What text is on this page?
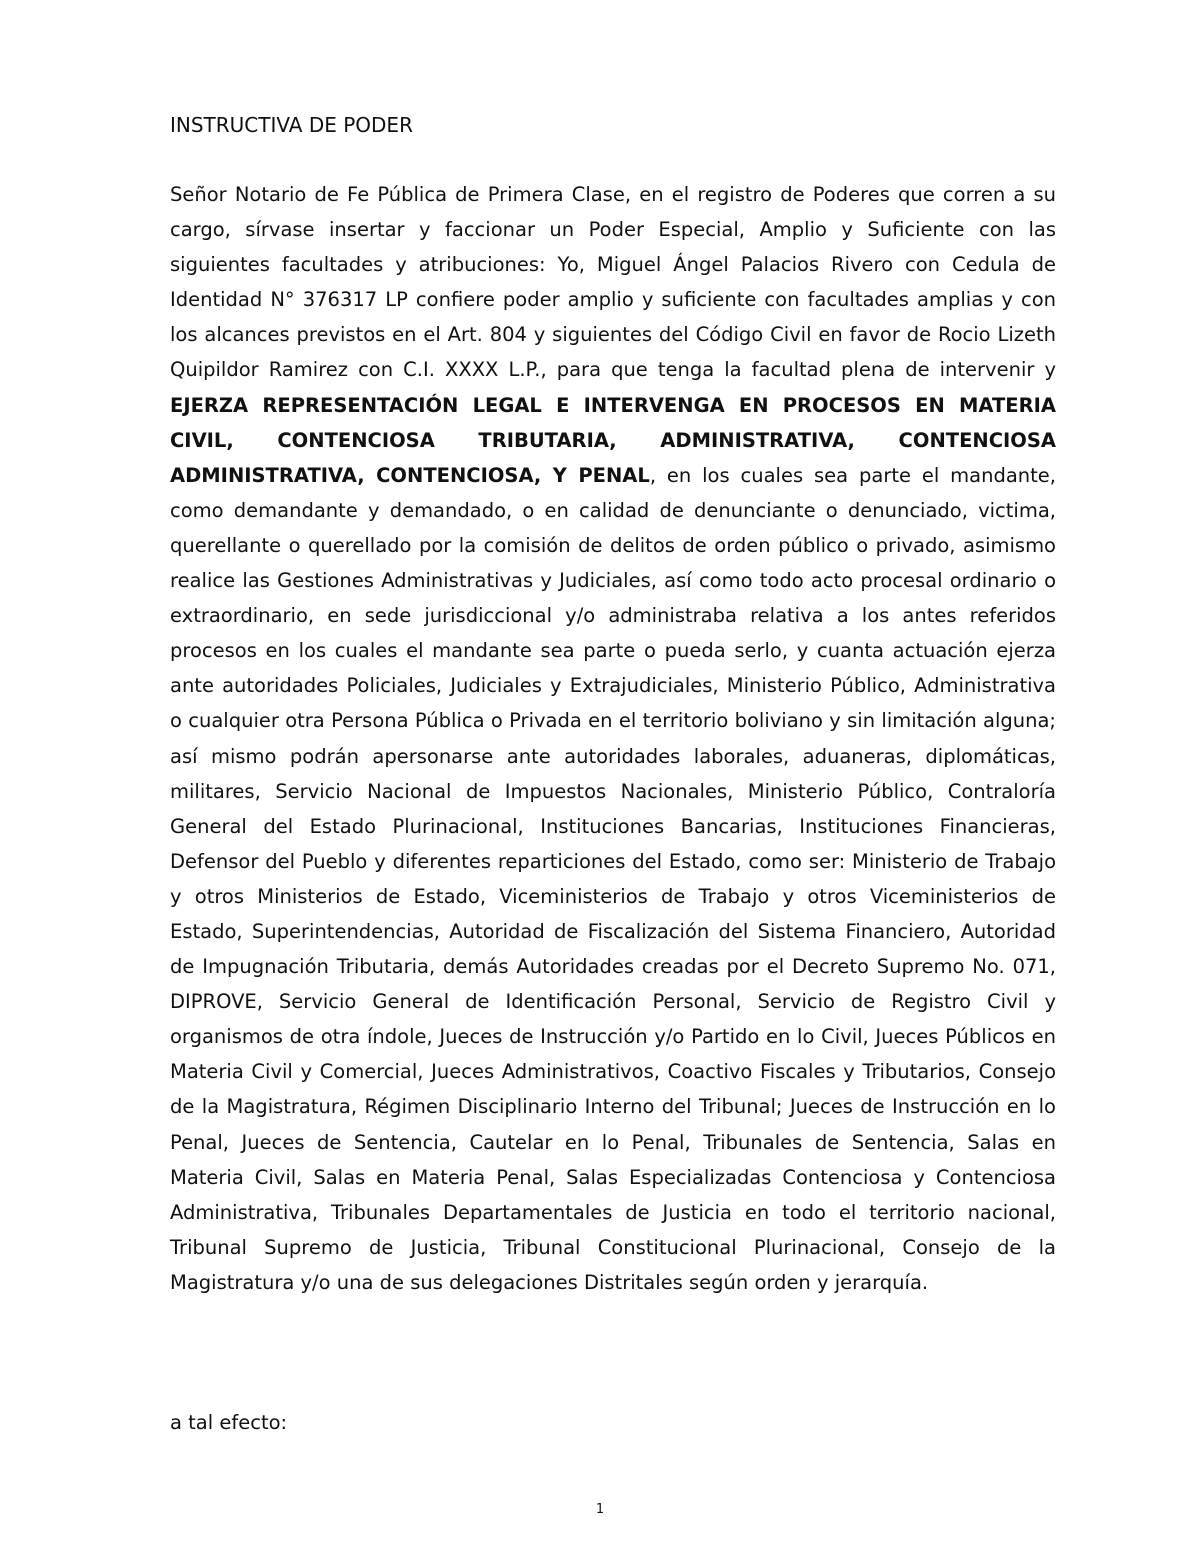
INSTRUCTIVA DE PODER

Señor Notario de Fe Pública de Primera Clase, en el registro de Poderes que corren a su cargo, sírvase insertar y faccionar un Poder Especial, Amplio y Suficiente con las siguientes facultades y atribuciones: Yo, Miguel Ángel Palacios Rivero con Cedula de Identidad N° 376317 LP confiere poder amplio y suficiente con facultades amplias y con los alcances previstos en el Art. 804 y siguientes del Código Civil en favor de Rocio Lizeth Quipildor Ramirez con C.I. XXXX L.P., para que tenga la facultad plena de intervenir y EJERZA REPRESENTACIÓN LEGAL E INTERVENGA EN PROCESOS EN MATERIA CIVIL, CONTENCIOSA TRIBUTARIA, ADMINISTRATIVA, CONTENCIOSA ADMINISTRATIVA, CONTENCIOSA, Y PENAL, en los cuales sea parte el mandante, como demandante y demandado, o en calidad de denunciante o denunciado, victima, querellante o querellado por la comisión de delitos de orden público o privado, asimismo realice las Gestiones Administrativas y Judiciales, así como todo acto procesal ordinario o extraordinario, en sede jurisdiccional y/o administraba relativa a los antes referidos procesos en los cuales el mandante sea parte o pueda serlo, y cuanta actuación ejerza ante autoridades Policiales, Judiciales y Extrajudiciales, Ministerio Público, Administrativa o cualquier otra Persona Pública o Privada en el territorio boliviano y sin limitación alguna; así mismo podrán apersonarse ante autoridades laborales, aduaneras, diplomáticas, militares, Servicio Nacional de Impuestos Nacionales, Ministerio Público, Contraloría General del Estado Plurinacional, Instituciones Bancarias, Instituciones Financieras, Defensor del Pueblo y diferentes reparticiones del Estado, como ser: Ministerio de Trabajo y otros Ministerios de Estado, Viceministerios de Trabajo y otros Viceministerios de Estado, Superintendencias, Autoridad de Fiscalización del Sistema Financiero, Autoridad de Impugnación Tributaria, demás Autoridades creadas por el Decreto Supremo No. 071, DIPROVE, Servicio General de Identificación Personal, Servicio de Registro Civil y organismos de otra índole, Jueces de Instrucción y/o Partido en lo Civil, Jueces Públicos en Materia Civil y Comercial, Jueces Administrativos, Coactivo Fiscales y Tributarios, Consejo de la Magistratura, Régimen Disciplinario Interno del Tribunal; Jueces de Instrucción en lo Penal, Jueces de Sentencia, Cautelar en lo Penal, Tribunales de Sentencia, Salas en Materia Civil, Salas en Materia Penal, Salas Especializadas Contenciosa y Contenciosa Administrativa, Tribunales Departamentales de Justicia en todo el territorio nacional, Tribunal Supremo de Justicia, Tribunal Constitucional Plurinacional, Consejo de la Magistratura y/o una de sus delegaciones Distritales según orden y jerarquía.

a tal efecto:

1
